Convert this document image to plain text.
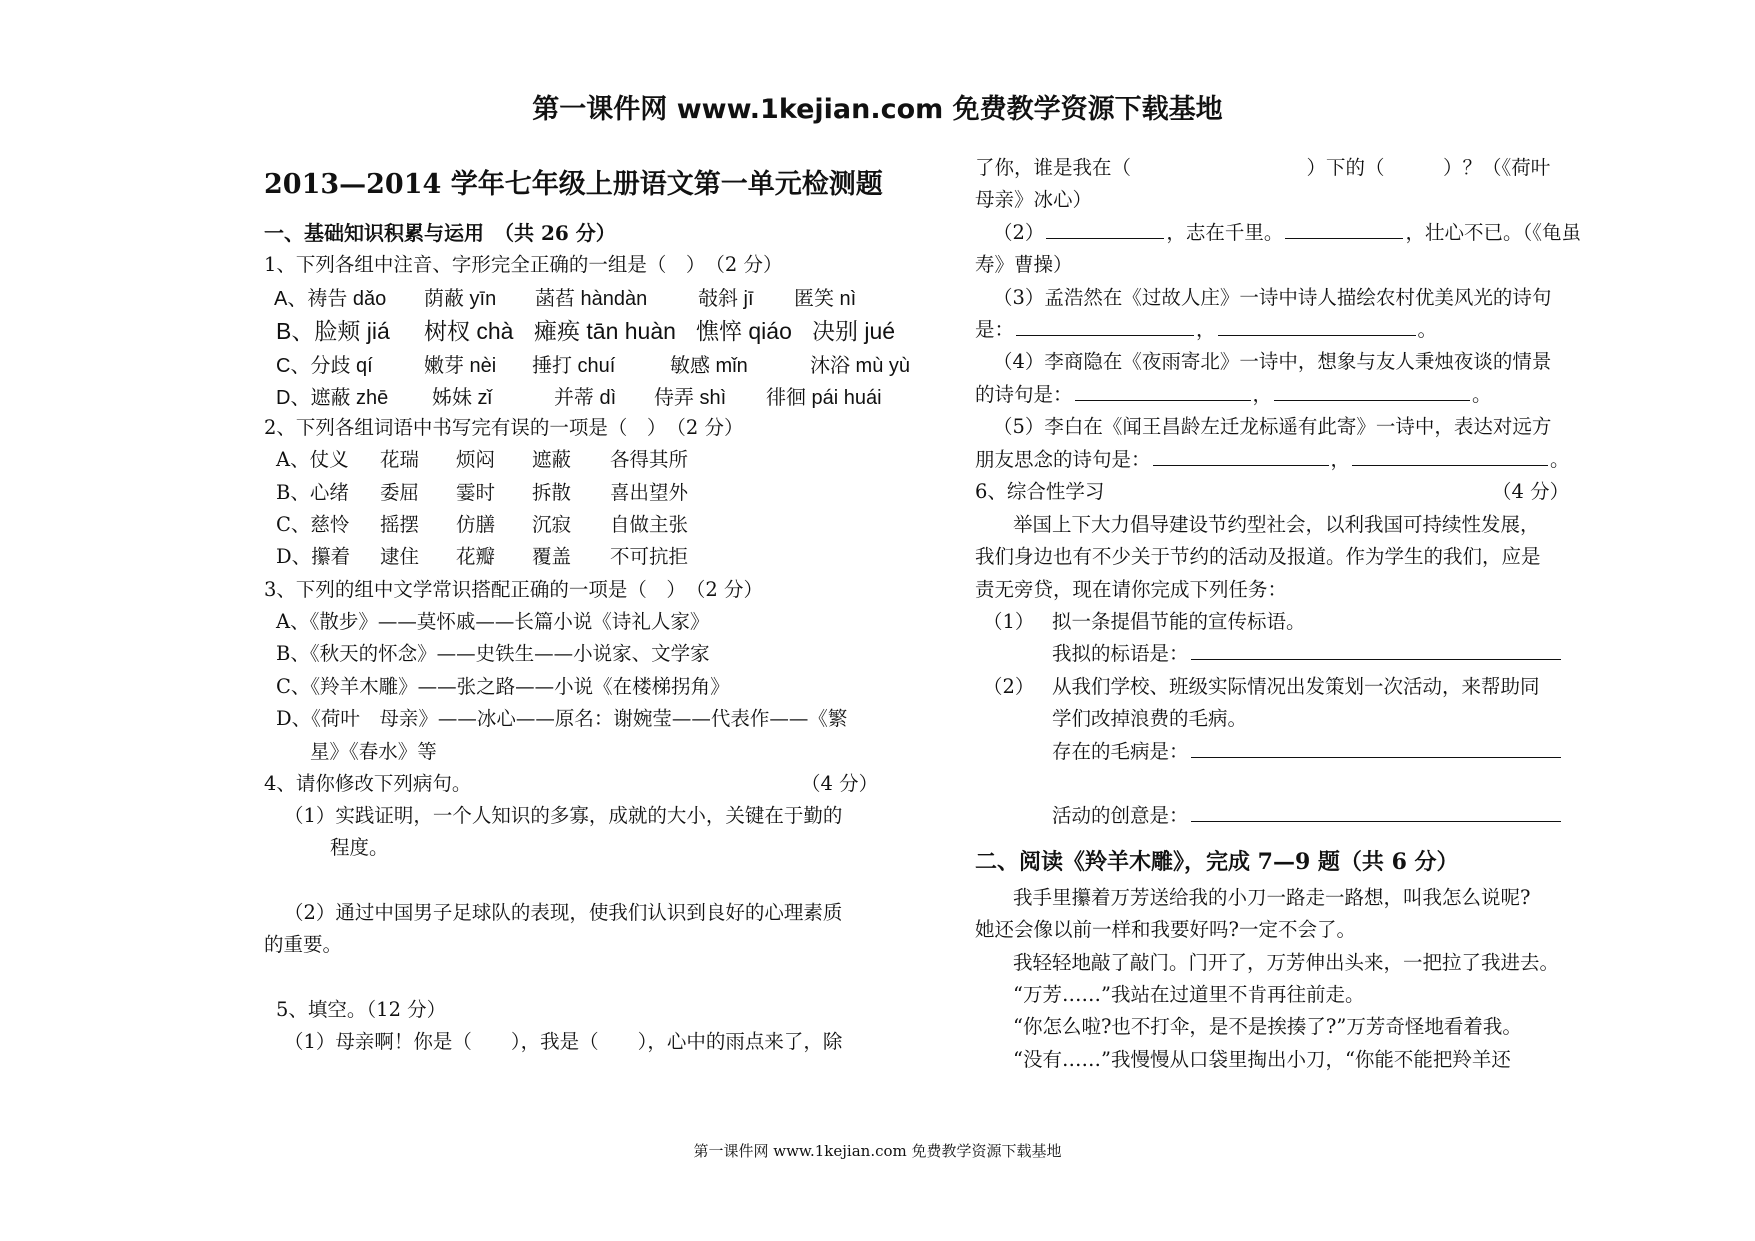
第一课件网 www.1kejian.com 免费教学资源下载基地
2013—2014 学年七年级上册语文第一单元检测题
一、基础知识积累与运用　（共 26 分）
1、下列各组中注音、字形完全正确的一组是（　）　（2 分）
A、祷告 dǎo 荫蔽 yīn 菡萏 hàndàn	攲斜 jī 匿笑 nì
B、脸颊 jiá 树杈 chà 瘫痪 tān huàn 憔悴 qiáo 决别 jué
C、分歧 qí	嫩芽 nèi 捶打 chuí	敏感 mǐn	沐浴 mù yù
D、遮蔽 zhē 姊妹 zǐ	并蒂 dì 侍弄 shì 徘徊 pái huái
2、下列各组词语中书写完有误的一项是（　）　（2 分）
A、仗义 花瑞 烦闷 遮蔽 各得其所
B、心绪 委屈 霎时 拆散 喜出望外
C、慈怜 摇摆 仿膳 沉寂 自做主张
D、攥着 逮住 花瓣 覆盖 不可抗拒
3、下列的组中文学常识搭配正确的一项是（　）　（2 分）
A、《散步》——莫怀戚——长篇小说《诗礼人家》
B、《秋天的怀念》——史铁生——小说家、文学家
C、《羚羊木雕》——张之路——小说《在楼梯拐角》
D、《荷叶　母亲》——冰心——原名：谢婉莹——代表作——《繁
星》《春水》等
4、请你修改下列病句。	（4 分）
（1）实践证明，一个人知识的多寡，成就的大小，关键在于勤的
程度。
（2）通过中国男子足球队的表现，使我们认识到良好的心理素质
的重要。
5、填空。（12 分）
（1）母亲啊！你是（　　），我是（　　），心中的雨点来了，除
了你，谁是我在（　　　　　　　　　）下的（　　　）？（《荷叶
母亲》冰心）
（2）	，志在千里。	，壮心不已。（《龟虽
寿》曹操）
（3）孟浩然在《过故人庄》一诗中诗人描绘农村优美风光的诗句
是：	，	。
（4）李商隐在《夜雨寄北》一诗中，想象与友人秉烛夜谈的情景
的诗句是：	，	。
（5）李白在《闻王昌龄左迁龙标遥有此寄》一诗中，表达对远方
朋友思念的诗句是：	，	。
6、综合性学习	（4 分）
举国上下大力倡导建设节约型社会，以利我国可持续性发展，
我们身边也有不少关于节约的活动及报道。作为学生的我们，应是
责无旁贷，现在请你完成下列任务：
（1） 拟一条提倡节能的宣传标语。
我拟的标语是：
（2） 从我们学校、班级实际情况出发策划一次活动，来帮助同
学们改掉浪费的毛病。
存在的毛病是：
活动的创意是：
二、阅读《羚羊木雕》，完成 7—9 题（共 6 分）
我手里攥着万芳送给我的小刀一路走一路想，叫我怎么说呢?
她还会像以前一样和我要好吗?一定不会了。
我轻轻地敲了敲门。门开了，万芳伸出头来，一把拉了我进去。
“万芳……”我站在过道里不肯再往前走。
“你怎么啦?也不打伞，是不是挨揍了?”万芳奇怪地看着我。
“没有……”我慢慢从口袋里掏出小刀，“你能不能把羚羊还
第一课件网 www.1kejian.com 免费教学资源下载基地
